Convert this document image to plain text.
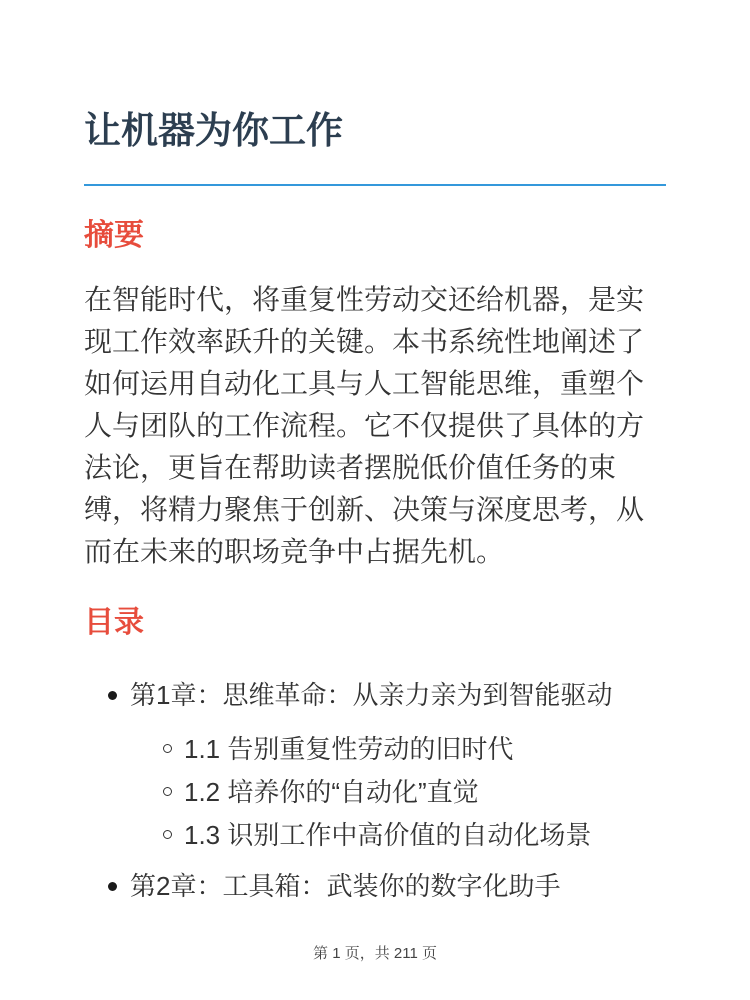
让机器为你工作
摘要

在智能时代，将重复性劳动交还给机器，是实现工作效率跃升的关键。本书系统性地阐述了如何运用自动化工具与人工智能思维，重塑个人与团队的工作流程。它不仅提供了具体的方法论，更旨在帮助读者摆脱低价值任务的束缚，将精力聚焦于创新、决策与深度思考，从而在未来的职场竞争中占据先机。

目录
第1章：思维革命：从亲力亲为到智能驱动
1.1 告别重复性劳动的旧时代
1.2 培养你的“自动化”直觉
1.3 识别工作中高价值的自动化场景
第2章：工具箱：武装你的数字化助手
第 1 页，共 211 页
